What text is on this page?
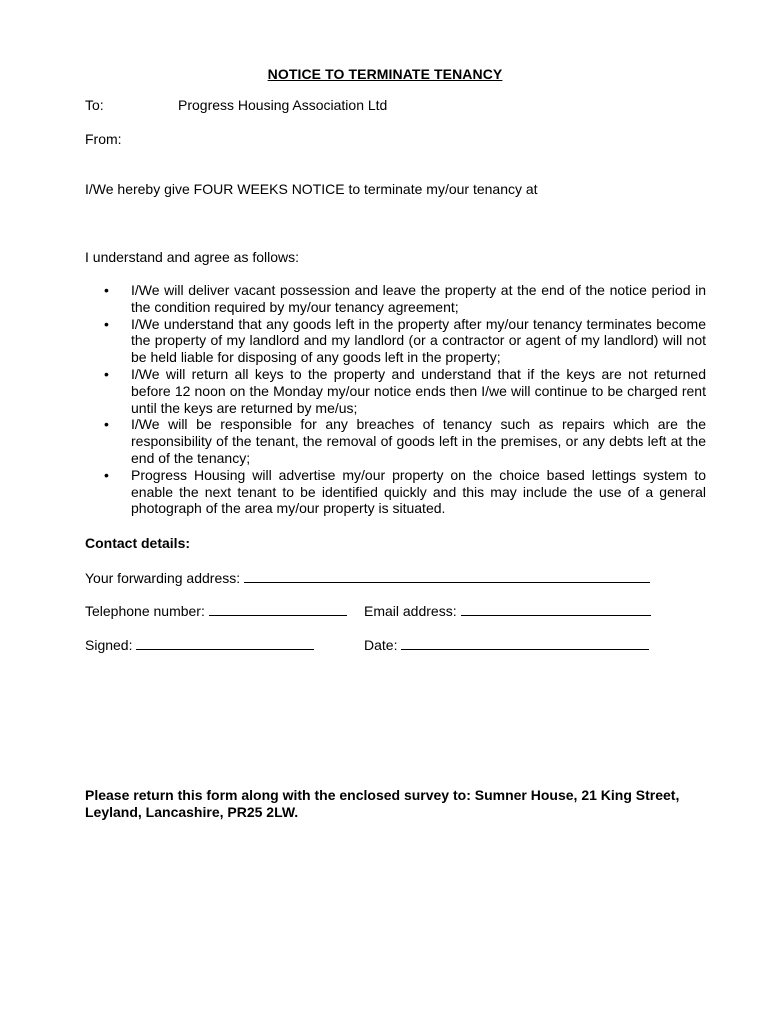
NOTICE TO TERMINATE TENANCY
To:	Progress Housing Association Ltd
From:
I/We hereby give FOUR WEEKS NOTICE to terminate my/our tenancy at
I understand and agree as follows:
•	I/We will deliver vacant possession and leave the property at the end of the notice period in the condition required by my/our tenancy agreement;
•	I/We understand that any goods left in the property after my/our tenancy terminates become the property of my landlord and my landlord (or a contractor or agent of my landlord) will not be held liable for disposing of any goods left in the property;
•	I/We will return all keys to the property and understand that if the keys are not returned before 12 noon on the Monday my/our notice ends then I/we will continue to be charged rent until the keys are returned by me/us;
•	I/We will be responsible for any breaches of tenancy such as repairs which are the responsibility of the tenant, the removal of goods left in the premises, or any debts left at the end of the tenancy;
•	Progress Housing will advertise my/our property on the choice based lettings system to enable the next tenant to be identified quickly and this may include the use of a general photograph of the area my/our property is situated.
Contact details:
Your forwarding address:
Telephone number:	Email address:
Signed:	Date:
Please return this form along with the enclosed survey to: Sumner House, 21 King Street, Leyland, Lancashire, PR25 2LW.
